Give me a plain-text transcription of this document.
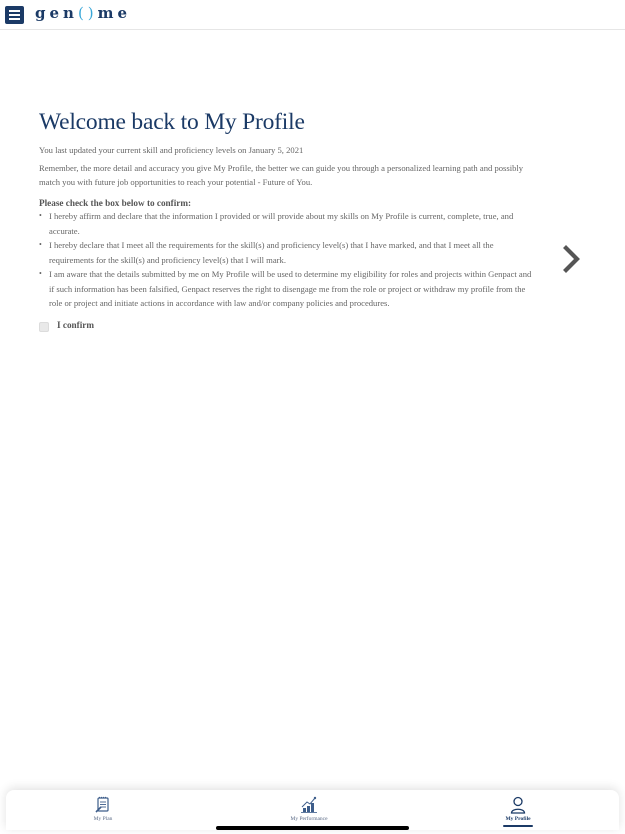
gen()me
Welcome back to My Profile

You last updated your current skill and proficiency levels on January 5, 2021

Remember, the more detail and accuracy you give My Profile, the better we can guide you through a personalized learning path and possibly match you with future job opportunities to reach your potential - Future of You.

Please check the box below to confirm:

• I hereby affirm and declare that the information I provided or will provide about my skills on My Profile is current, complete, true, and accurate.
• I hereby declare that I meet all the requirements for the skill(s) and proficiency level(s) that I have marked, and that I meet all the requirements for the skill(s) and proficiency level(s) that I will mark.
• I am aware that the details submitted by me on My Profile will be used to determine my eligibility for roles and projects within Genpact and if such information has been falsified, Genpact reserves the right to disengage me from the role or project or withdraw my profile from the role or project and initiate actions in accordance with law and/or company policies and procedures.
I confirm
My Plan	My Performance	My Profile
